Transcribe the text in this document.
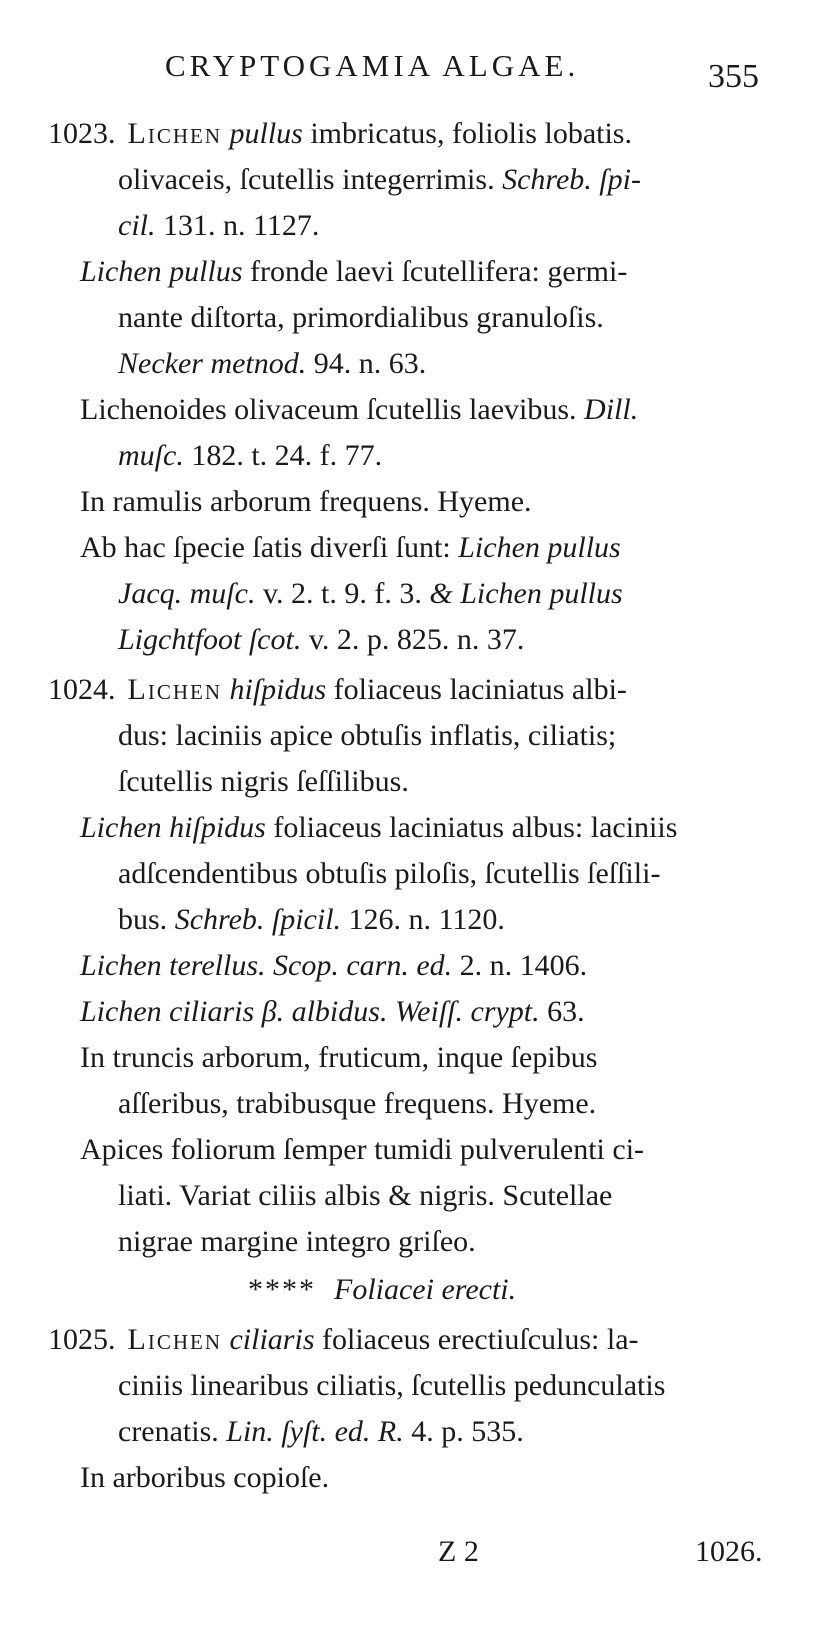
CRYPTOGAMIA ALGAE.	355
1023. Lichen pullus imbricatus, foliolis lobatis.
olivaceis, ſcutellis integerrimis. Schreb. ſpi-
cil. 131. n. 1127.
Lichen pullus fronde laevi ſcutellifera: germi-
nante diſtorta, primordialibus granuloſis.
Necker metnod. 94. n. 63.
Lichenoides olivaceum ſcutellis laevibus. Dill.
muſc. 182. t. 24. f. 77.
In ramulis arborum frequens. Hyeme.
Ab hac ſpecie ſatis diverſi ſunt: Lichen pullus
Jacq. muſc. v. 2. t. 9. f. 3. & Lichen pullus
Ligchtfoot ſcot. v. 2. p. 825. n. 37.
1024. Lichen hiſpidus foliaceus laciniatus albi-
dus: laciniis apice obtuſis inflatis, ciliatis;
ſcutellis nigris ſeſſilibus.
Lichen hiſpidus foliaceus laciniatus albus: laciniis
adſcendentibus obtuſis piloſis, ſcutellis ſeſſili-
bus. Schreb. ſpicil. 126. n. 1120.
Lichen terellus. Scop. carn. ed. 2. n. 1406.
Lichen ciliaris β. albidus. Weiſſ. crypt. 63.
In truncis arborum, fruticum, inque ſepibus
aſſeribus, trabibusque frequens. Hyeme.
Apices foliorum ſemper tumidi pulverulenti ci-
liati. Variat ciliis albis & nigris. Scutellae
nigrae margine integro griſeo.
**** Foliacei erecti.
1025. Lichen ciliaris foliaceus erectiuſculus: la-
ciniis linearibus ciliatis, ſcutellis pedunculatis
crenatis. Lin. ſyſt. ed. R. 4. p. 535.
In arboribus copioſe.
Z 2	1026.
